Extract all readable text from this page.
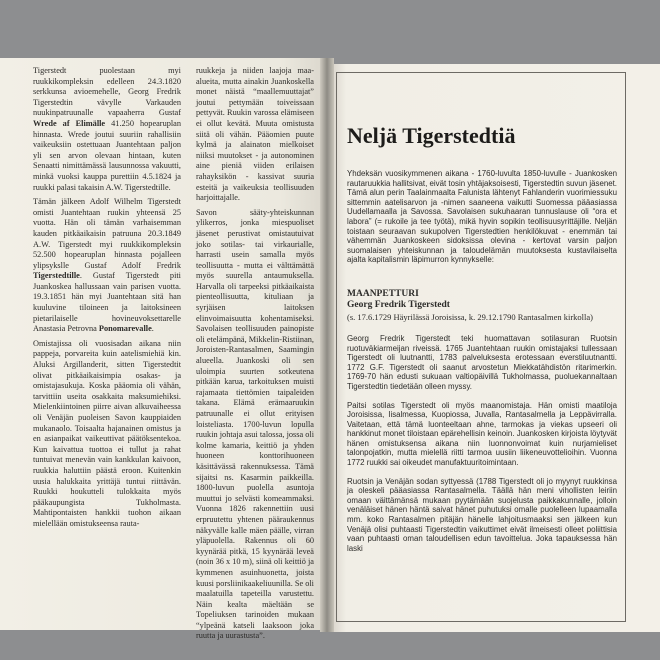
Tigerstedt puolestaan myi ruukkikompleksin edelleen 24.3.1820 serkkunsa avioemehelle, Georg Fredrik Tigerstedtin vävylle Varkauden nuukinpatruunalle vapaaherra Gustaf Wrede af Elimälle 41.250 hopearuplan hinnasta. Wrede joutui suuriin rahallisiin vaikeuksiin ostettuaan Juantehtaan paljon yli sen arvon olevaan hintaan, kuten Senaatti nimittämässä lausunnossa vakuutti, minkä vuoksi kauppa purettiin 4.5.1824 ja ruukki palasi takaisin A.W. Tigerstedtille.

Tämän jälkeen Adolf Wilhelm Tigerstedt omisti Juantehtaan ruukin yhteensä 25 vuotta. Hän oli tämän varhaisemman kauden pitkäaikaisin patruuna 20.3.1849 A.W. Tigerstedt myi ruukkikompleksin 52.500 hopearuplan hinnasta pojalleen ylipsykslle Gustaf Adolf Fredrik Tigerstedtille. Gustaf Tigerstedt piti Juankoskea hallussaan vain parisen vuotta. 19.3.1851 hän myi Juantehtaan sitä han kuuluvine tiloineen ja laitoksineen pietarilaiselle hovineuvoksettarelle Anastasia Petrovna Ponomarevalle.

Omistajissa oli vuosisadan aikana niin pappeja, porvareita kuin aatelismiehiä kin. Aluksi Argillanderit, sitten Tigerstedtit olivat pitkäaikaisimpia osakas- ja omistajasukuja. Koska pääomia oli vähän, tarvittiin useita osakkaita maksumiehiksi. Mielenkiintoinen piirre aivan alkuvaiheessa oli Venäjän puoleisen Savon kauppiaiden mukanaolo. Toisaalta hajanainen omistus ja en asianpaikat vaikeuttivat päätöksentekoa. Kun kaivattua tuottoa ei tullut ja rahat tuntuivat menevän vain kankkulan kaivoon, ruukkia haluttiin päästä eroon. Kuitenkin uusia halukkaita yrittäjä tuntui riittävän. Ruukki houkutteli tulokkaita myös pääkaupungista Tukholmasta. Mahtipontaisten hankkii tuohon aikaan mielellään omistukseensa rauta-

ruukkeja ja niiden laajoja maa-alueita, mutta ainakin Juankoskella monet näistä “maallemuuttajat” joutui pettymään toiveissaan pettyvät. Ruukin varossa elämiseen ei ollut kevätä. Muuta omistusta siitä oli vähän. Pääomien puute kylmä ja alainaton mielkoiset niiksi muutokset - ja autonominen aine pieniä viiden erilaisen rahayksikön - kassivat suuria esteitä ja vaikeuksia teollisuuden harjoittajalle.

Savon sääty-yhteiskunnan ylikerros, jonka miespuoliset jäsenet perustivat omistautuivat joko sotilas- tai virkaurialle, harrasti usein samalla myös teollisuutta - mutta ei välttämättä myös suurella antaumuksella. Harvalla oli tarpeeksi pitkäaikaista pienteollisuutta, kituliaan ja syrjäisen laitoksen elinvoimaisuutta kohentamiseksi. Savolaisen teollisuuden painopiste oli etelämpänä, Mikkelin-Ristiinan, Joroisten-Rantasalmen, Saamingin alueella. Juankoski oli sen uloimpia suurten sotkeutena pitkään karua, tarkoituksen muisti rajamaata tiettömien taipaleiden takana. Elämä erämaaruukin patruunalle ei ollut erityisen loisteliasta. 1700-luvun lopulla ruukin johtaja asui talossa, jossa oli kolme kamaria, keittiö ja yhden huoneen konttorihuoneen käsittävässä rakennuksessa. Tämä sijaitsi ns. Kasarmin paikkeilla. 1800-luvun puolella asuntoja muuttui jo selvästi komeammaksi. Vuonna 1826 rakennettiin uusi erpruutettu yhtenen pääraukennus näkyvälle kalle mäen päälle, virran yläpuolella. Rakennus oli 60 kyynärää pitkä, 15 kyynärää leveä (noin 36 x 10 m), siinä oli keittiö ja kymmenen asuinhuonetta, joista kuusi porsliinikaakeliuunilla. Se oli maalatuilla tapeteilla varustettu. Näin kealta mäeltään se Topeliuksen tarinoiden mukaan “ylpeänä katseli laaksoon joka ruutta ja uurastusta”.

Neljä Tigerstedtiä

Yhdeksän vuosikymmenen aikana - 1760-luvulta 1850-luvulle - Juankosken rautaruukkia hallitsivat, eivät tosin yhtäjaksoisesti, Tigerstedtin suvun jäsenet. Tämä alun perin Taalainmaalta Falunista lähtenyt Fahlanderin vuorimiessuku sittemmin aatelisarvon ja -nimen saaneena vaikutti Suomessa pääasiassa Uudellamaalla ja Savossa. Savolaisen sukuhaaran tunnuslause oli “ora et labora” (= rukoile ja tee työtä), mikä hyvin sopikin teollisuusyrittäjille. Neljän toistaan seuraavan sukupolven Tigerstedtien henkilökuvat - enemmän tai vähemmän Juankoskeen sidoksissa olevina - kertovat varsin paljon suomalaisen yhteiskunnan ja taloudelämän muutoksesta kustavilaiselta ajalta kapitalismin läpimurron kynnykselle:

MAANPETTURI
Georg Fredrik Tigerstedt
(s. 17.6.1729 Häyrilässä Joroisissa, k. 29.12.1790 Rantasalmen kirkolla)

Georg Fredrik Tigerstedt teki huomattavan sotilasuran Ruotsin ruotuväkiarmeijan riveissä. 1765 Juantehtaan ruukin omistajaksi tullessaan Tigerstedt oli luutnantti, 1783 palveluksesta erotessaan everstiluutnantti. 1772 G.F. Tigerstedt oli saanut arvostetun Miekkatähdistön ritarimerkin. 1769-70 hän edusti sukuaan valtiopäivillä Tukholmassa, puoluekannaltaan Tigerstedtin tiedetään olleen myssy.

Paitsi sotilas Tigerstedt oli myös maanomistaja. Hän omisti maatiloja Joroisissa, Iisalmessa, Kuopiossa, Juvalla, Rantasalmella ja Leppävirralla. Vaitetaan, että tämä luonteeltaan ahne, tarmokas ja viekas upseeri oli hankkinut monet tiloistaan epärehellisin keinoin. Juankosken kirjoista löytyvät hänen omistuksensa aikana niin luonnonvoimat kuin nurjamieliset talonpojatkin, mutta mielellä riitti tarmoa uusiin liikeneuvottelioihin. Vuonna 1772 ruukki sai oikeudet manufaktuuritoimintaan.

Ruotsin ja Venäjän sodan syttyessä (1788 Tigerstedt oli jo myynyt ruukkinsa ja oleskeli pääasiassa Rantasalmella. Täällä hän meni vihollisten leiriin omaan väittämänsä mukaan pyytämään suojelusta paikkakunnalle, jolloin venäläiset hänen häntä saivat hänet puhutuksi omalle puolelleen lupaamalla mm. koko Rantasalmen pitäjän hänelle lahjoitusmaaksi sen jälkeen kun Venäjä olisi puhtaasti Tigerstedtin vaikuttimet eivät ilmeisesti olleet poliittisia vaan puhtaasti oman taloudellisen edun tavoittelua. Joka tapauksessa hän laski
